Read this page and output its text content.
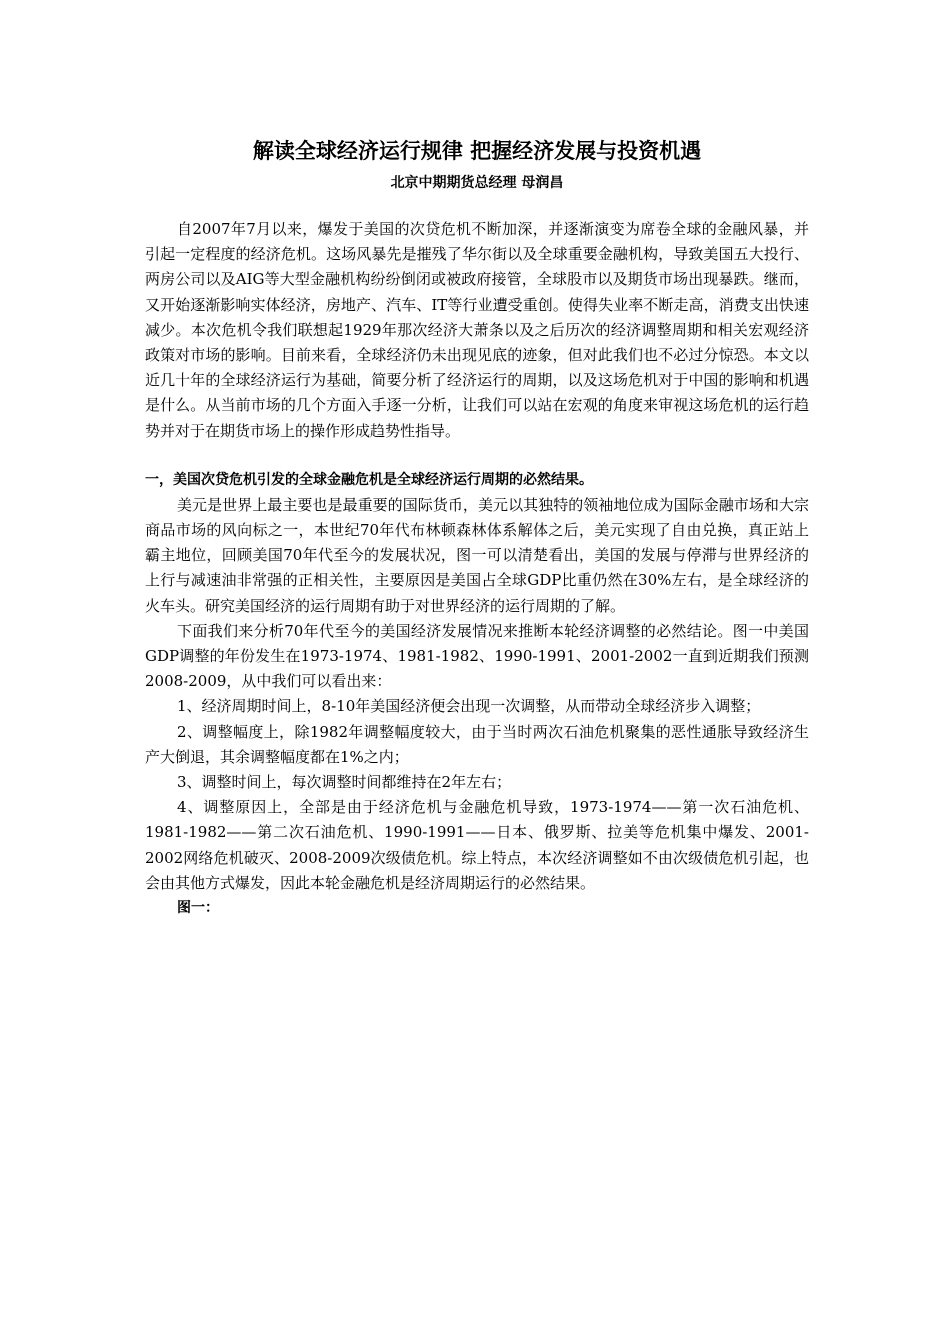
解读全球经济运行规律 把握经济发展与投资机遇

北京中期期货总经理 母润昌

自2007年7月以来，爆发于美国的次贷危机不断加深，并逐渐演变为席卷全球的金融风暴，并引起一定程度的经济危机。这场风暴先是摧残了华尔街以及全球重要金融机构，导致美国五大投行、两房公司以及AIG等大型金融机构纷纷倒闭或被政府接管，全球股市以及期货市场出现暴跌。继而，又开始逐渐影响实体经济，房地产、汽车、IT等行业遭受重创。使得失业率不断走高，消费支出快速减少。本次危机令我们联想起1929年那次经济大萧条以及之后历次的经济调整周期和相关宏观经济政策对市场的影响。目前来看，全球经济仍未出现见底的迹象，但对此我们也不必过分惊恐。本文以近几十年的全球经济运行为基础，简要分析了经济运行的周期，以及这场危机对于中国的影响和机遇是什么。从当前市场的几个方面入手逐一分析，让我们可以站在宏观的角度来审视这场危机的运行趋势并对于在期货市场上的操作形成趋势性指导。

一，美国次贷危机引发的全球金融危机是全球经济运行周期的必然结果。

美元是世界上最主要也是最重要的国际货币，美元以其独特的领袖地位成为国际金融市场和大宗商品市场的风向标之一，本世纪70年代布林顿森林体系解体之后，美元实现了自由兑换，真正站上霸主地位，回顾美国70年代至今的发展状况，图一可以清楚看出，美国的发展与停滞与世界经济的上行与减速油非常强的正相关性，主要原因是美国占全球GDP比重仍然在30%左右，是全球经济的火车头。研究美国经济的运行周期有助于对世界经济的运行周期的了解。

下面我们来分析70年代至今的美国经济发展情况来推断本轮经济调整的必然结论。图一中美国GDP调整的年份发生在1973-1974、1981-1982、1990-1991、2001-2002一直到近期我们预测2008-2009，从中我们可以看出来：

1、经济周期时间上，8-10年美国经济便会出现一次调整，从而带动全球经济步入调整；

2、调整幅度上，除1982年调整幅度较大，由于当时两次石油危机聚集的恶性通胀导致经济生产大倒退，其余调整幅度都在1%之内；

3、调整时间上，每次调整时间都维持在2年左右；

4、调整原因上，全部是由于经济危机与金融危机导致，1973-1974——第一次石油危机、1981-1982——第二次石油危机、1990-1991——日本、俄罗斯、拉美等危机集中爆发、2001-2002网络危机破灭、2008-2009次级债危机。综上特点，本次经济调整如不由次级债危机引起，也会由其他方式爆发，因此本轮金融危机是经济周期运行的必然结果。

图一：
